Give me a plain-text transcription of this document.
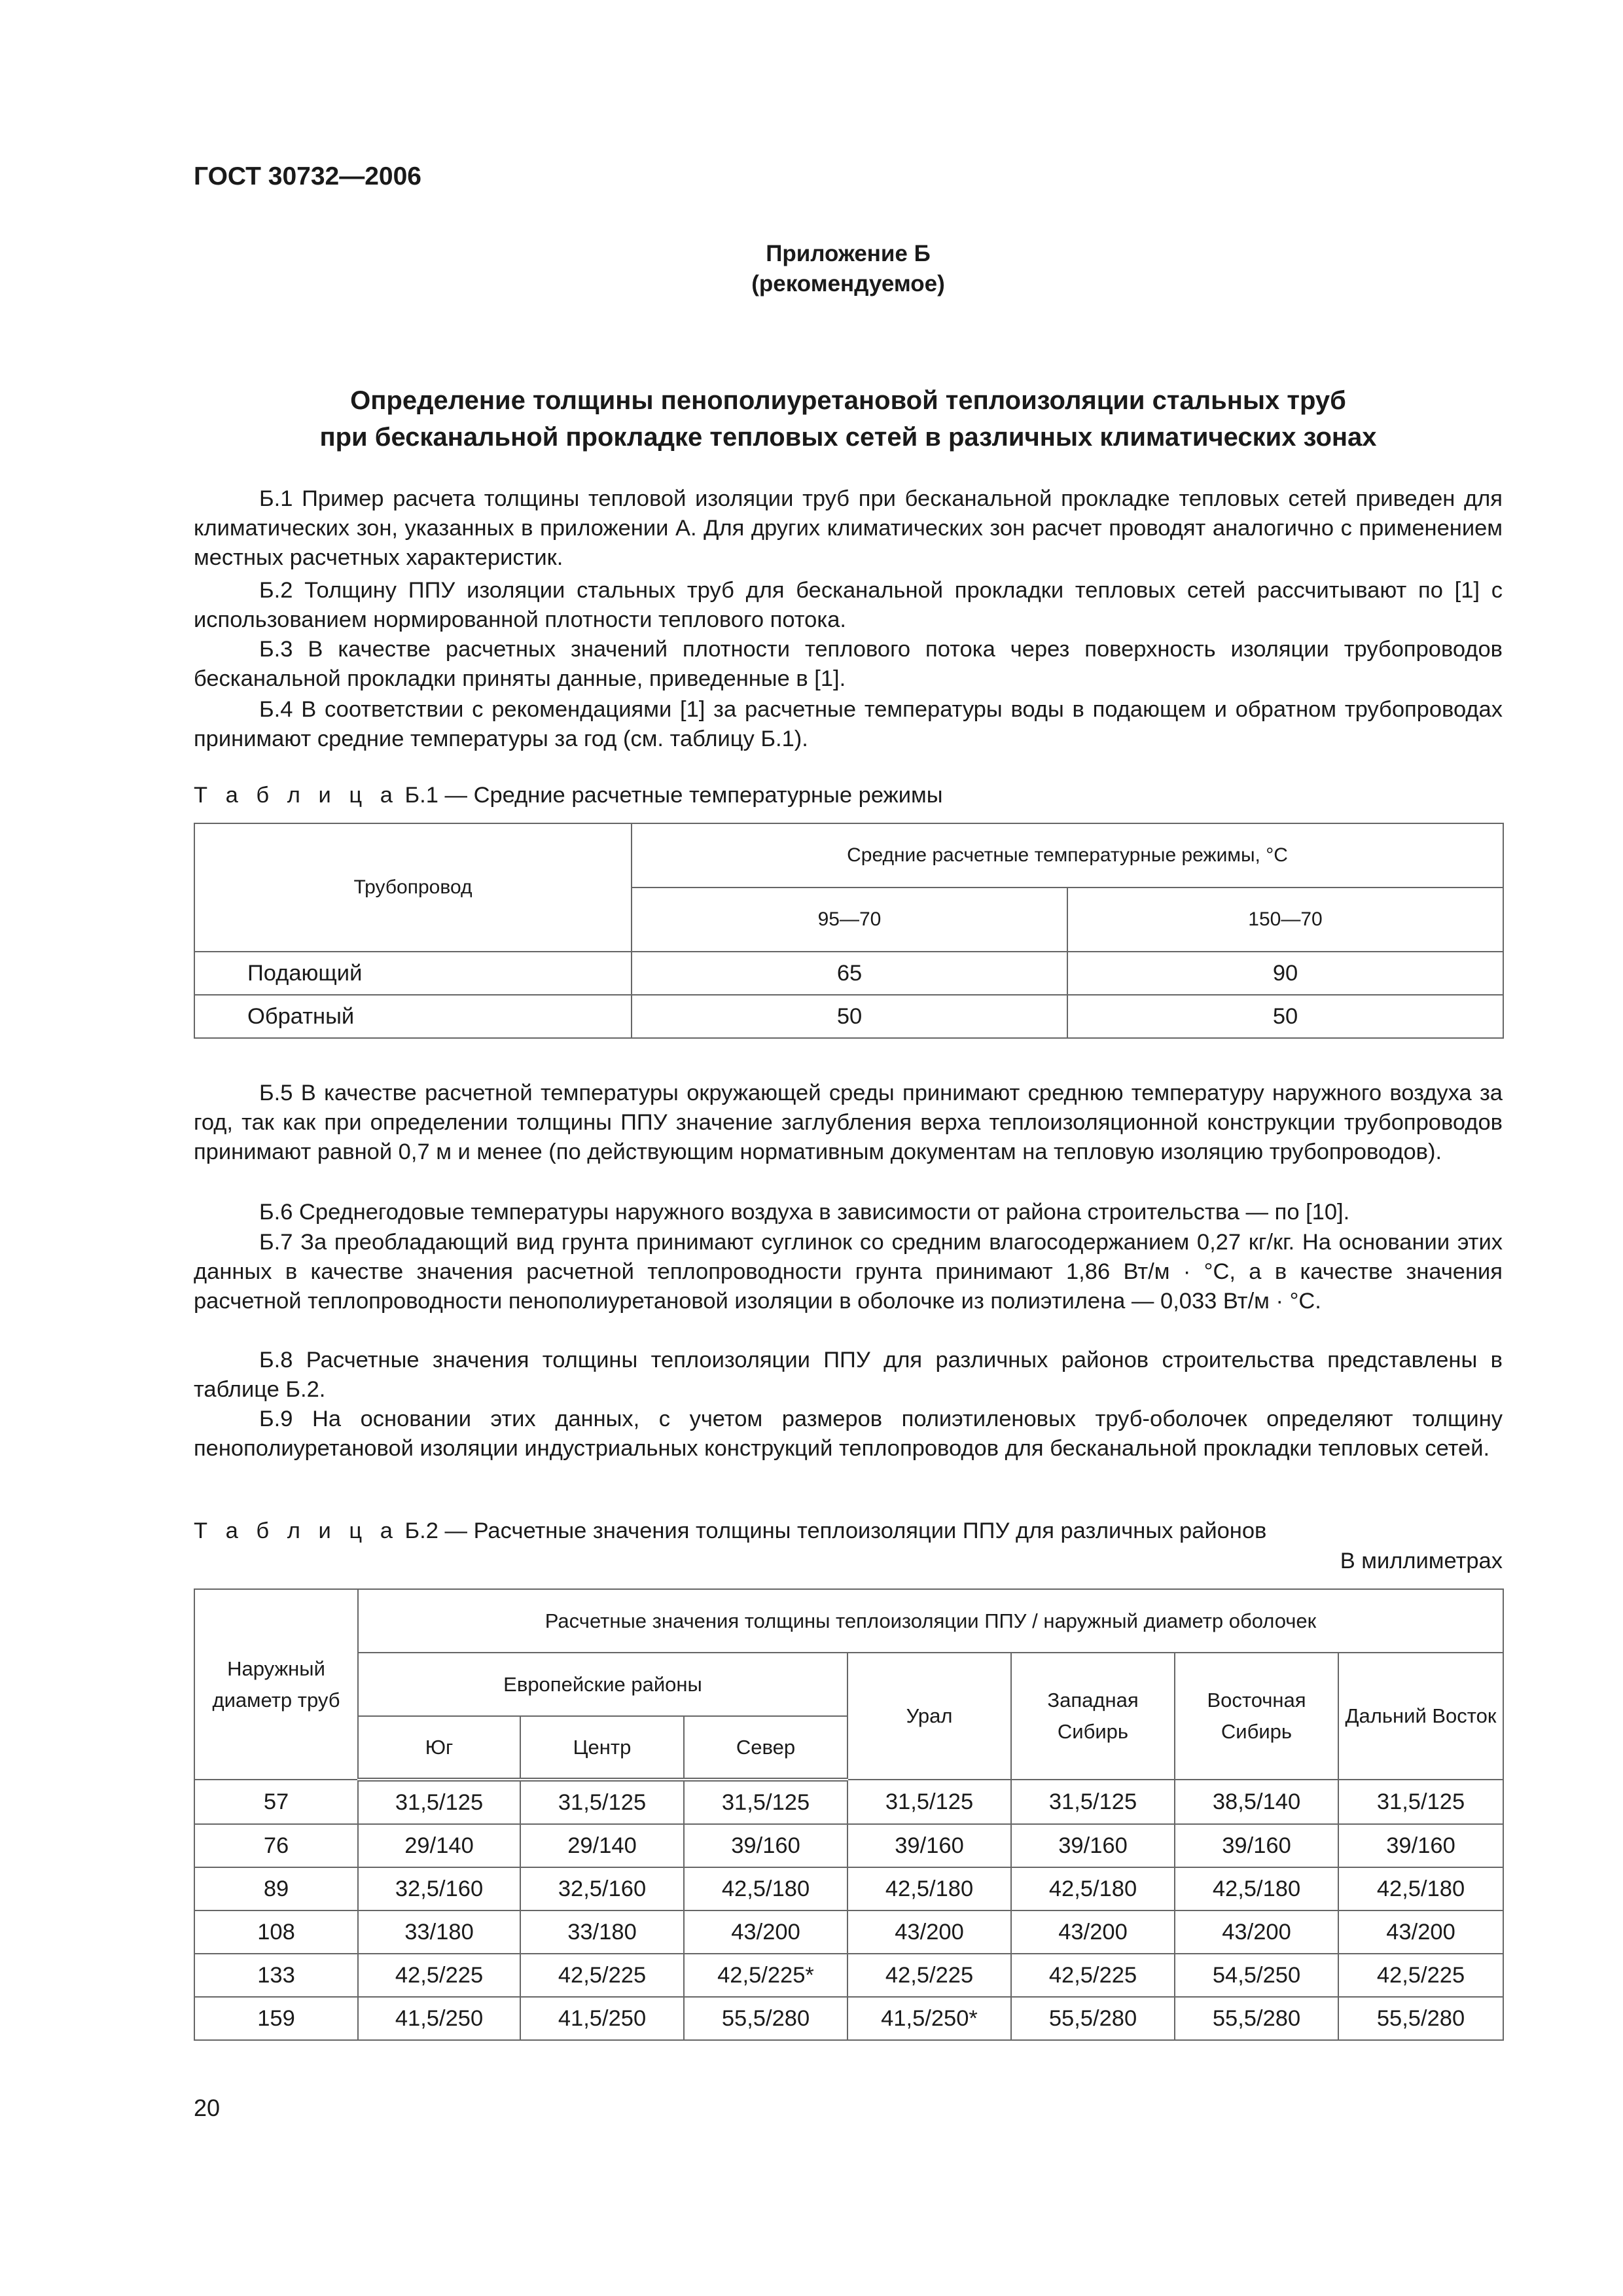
ГОСТ 30732—2006
Приложение Б
(рекомендуемое)
Определение толщины пенополиуретановой теплоизоляции стальных труб
при бесканальной прокладке тепловых сетей в различных климатических зонах

Б.1 Пример расчета толщины тепловой изоляции труб при бесканальной прокладке тепловых сетей приведен для климатических зон, указанных в приложении А. Для других климатических зон расчет проводят аналогично с применением местных расчетных характеристик.

Б.2 Толщину ППУ изоляции стальных труб для бесканальной прокладки тепловых сетей рассчитывают по [1] с использованием нормированной плотности теплового потока.

Б.3 В качестве расчетных значений плотности теплового потока через поверхность изоляции трубопроводов бесканальной прокладки приняты данные, приведенные в [1].

Б.4 В соответствии с рекомендациями [1] за расчетные температуры воды в подающем и обратном трубопроводах принимают средние температуры за год (см. таблицу Б.1).

Т а б л и ц а Б.1 — Средние расчетные температурные режимы
Трубопровод	Средние расчетные температурные режимы, °С	
	95—70	150—70
Подающий	65	90
Обратный	50	50

Б.5 В качестве расчетной температуры окружающей среды принимают среднюю температуру наружного воздуха за год, так как при определении толщины ППУ значение заглубления верха теплоизоляционной конструкции трубопроводов принимают равной 0,7 м и менее (по действующим нормативным документам на тепловую изоляцию трубопроводов).

Б.6 Среднегодовые температуры наружного воздуха в зависимости от района строительства — по [10].

Б.7 За преобладающий вид грунта принимают суглинок со средним влагосодержанием 0,27 кг/кг. На основании этих данных в качестве значения расчетной теплопроводности грунта принимают 1,86 Вт/м · °С, а в качестве значения расчетной теплопроводности пенополиуретановой изоляции в оболочке из полиэтилена — 0,033 Вт/м · °С.

Б.8 Расчетные значения толщины теплоизоляции ППУ для различных районов строительства представлены в таблице Б.2.

Б.9 На основании этих данных, с учетом размеров полиэтиленовых труб-оболочек определяют толщину пенополиуретановой изоляции индустриальных конструкций теплопроводов для бесканальной прокладки тепловых сетей.

Т а б л и ц а Б.2 — Расчетные значения толщины теплоизоляции ППУ для различных районов
В миллиметрах
Наружный диаметр труб	Расчетные значения толщины теплоизоляции ППУ / наружный диаметр оболочек						
	Европейские районы			Урал	Западная Сибирь	Восточная Сибирь	Дальний Восток
	Юг	Центр	Север				
57	31,5/125	31,5/125	31,5/125	31,5/125	31,5/125	38,5/140	31,5/125
76	29/140	29/140	39/160	39/160	39/160	39/160	39/160
89	32,5/160	32,5/160	42,5/180	42,5/180	42,5/180	42,5/180	42,5/180
108	33/180	33/180	43/200	43/200	43/200	43/200	43/200
133	42,5/225	42,5/225	42,5/225*	42,5/225	42,5/225	54,5/250	42,5/225
159	41,5/250	41,5/250	55,5/280	41,5/250*	55,5/280	55,5/280	55,5/280
20
